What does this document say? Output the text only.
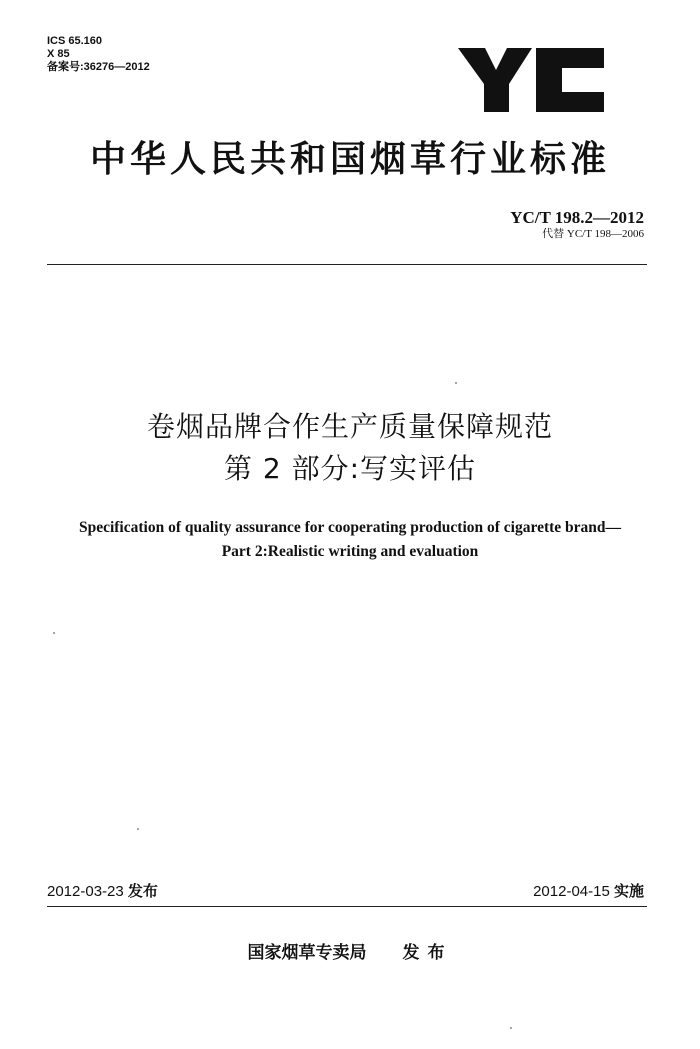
ICS 65.160
X 85
备案号:36276—2012
YC
中华人民共和国烟草行业标准
YC/T 198.2—2012
代替 YC/T 198—2006
卷烟品牌合作生产质量保障规范
第 2 部分:写实评估
Specification of quality assurance for cooperating production of cigarette brand—
Part 2:Realistic writing and evaluation
2012-03-23 发布	2012-04-15 实施
国家烟草专卖局 发布
